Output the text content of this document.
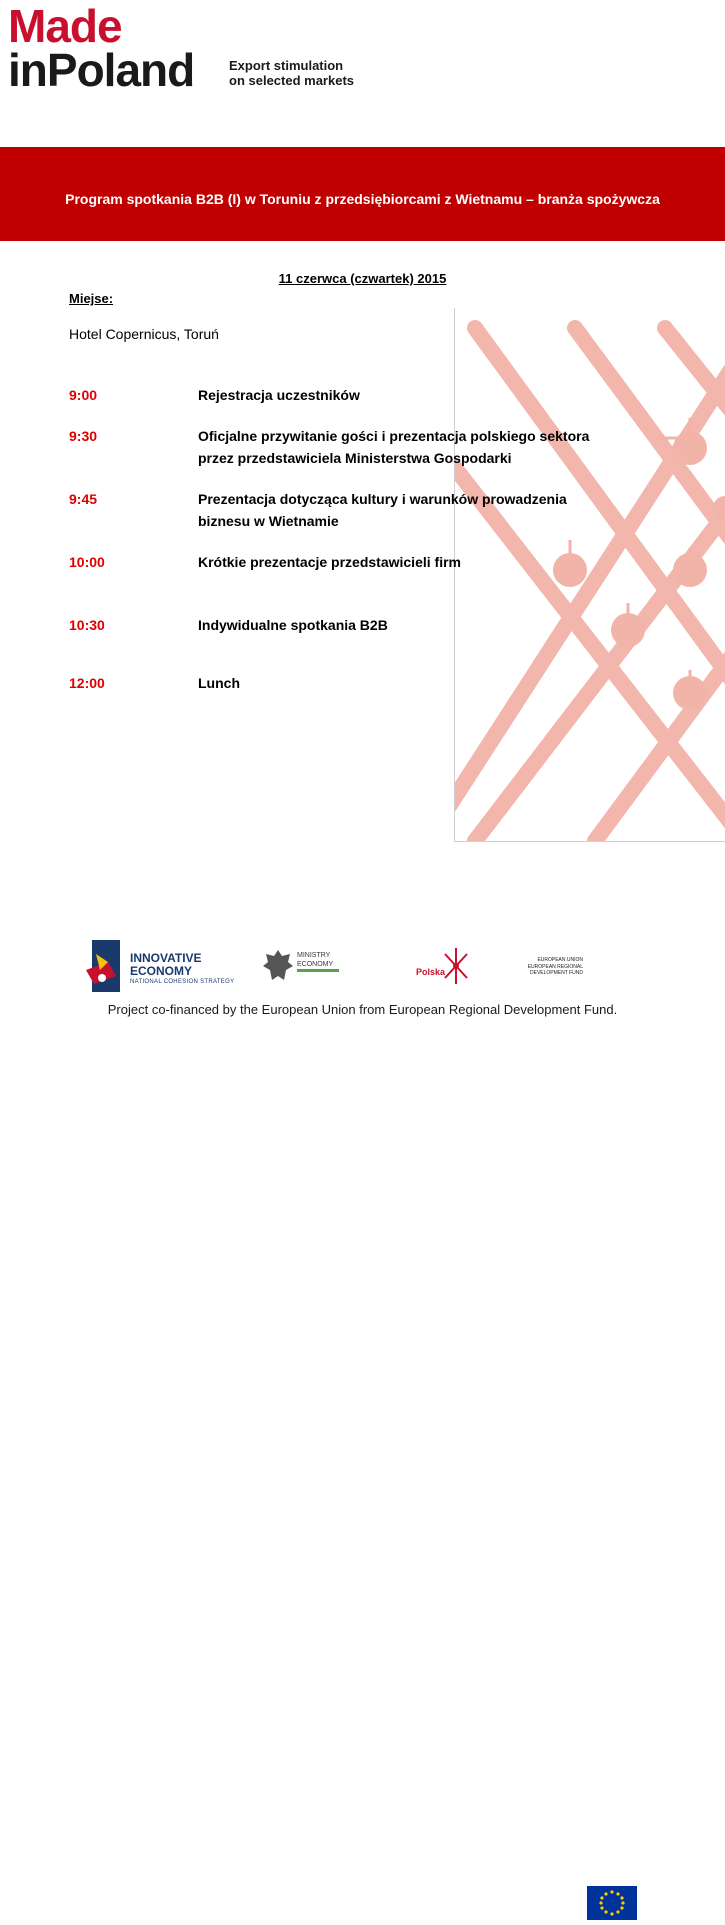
Made
inPoland	Export stimulation
on selected markets
Program spotkania B2B (I) w Toruniu z przedsiębiorcami z Wietnamu – branża spożywcza
11 czerwca (czwartek) 2015
Miejse:
Hotel Copernicus, Toruń
9:00	Rejestracja uczestników
9:30	Oficjalne przywitanie gości i prezentacja polskiego sektora
przez przedstawiciela Ministerstwa Gospodarki
9:45	Prezentacja dotycząca kultury i warunków prowadzenia
biznesu w Wietnamie
10:00	Krótkie prezentacje przedstawicieli firm
10:30	Indywidualne spotkania B2B
12:00	Lunch
INNOVATIVE
ECONOMY
NATIONAL COHESION STRATEGY
MINISTRY
ECONOMY
Polska
EUROPEAN UNION
EUROPEAN REGIONAL
DEVELOPMENT FUND
Project co-financed by the European Union from European Regional Development Fund.
